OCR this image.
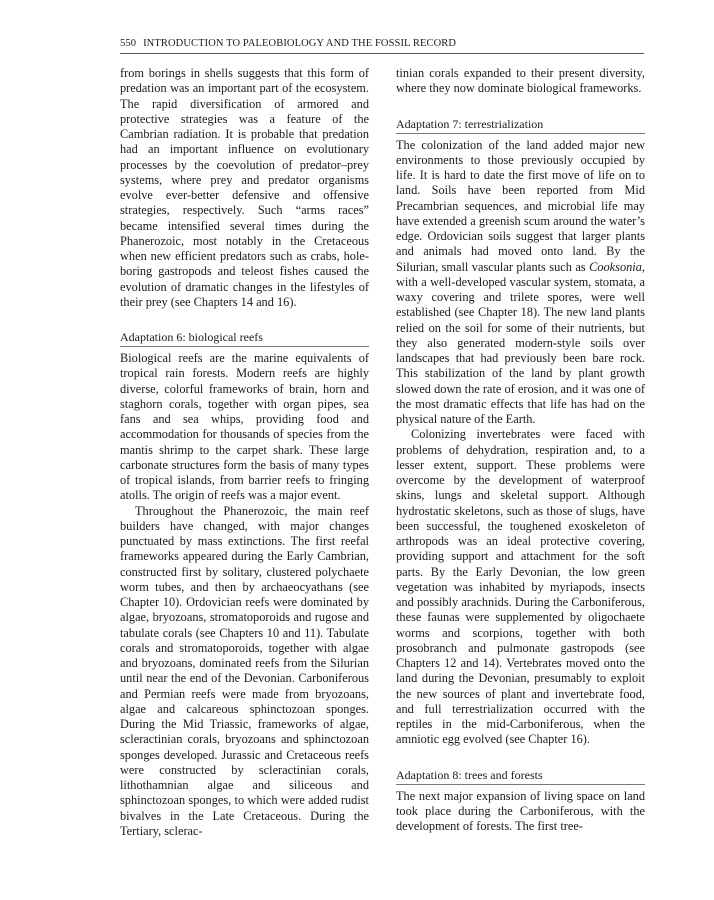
550 INTRODUCTION TO PALEOBIOLOGY AND THE FOSSIL RECORD

from borings in shells suggests that this form of predation was an important part of the ecosystem. The rapid diversification of armored and protective strategies was a feature of the Cambrian radiation. It is probable that predation had an important influence on evolutionary processes by the coevolution of predator–prey systems, where prey and predator organisms evolve ever-better defensive and offensive strategies, respectively. Such “arms races” became intensified several times during the Phanerozoic, most notably in the Cretaceous when new efficient predators such as crabs, hole-boring gastropods and teleost fishes caused the evolution of dramatic changes in the lifestyles of their prey (see Chapters 14 and 16).

Adaptation 6: biological reefs

Biological reefs are the marine equivalents of tropical rain forests. Modern reefs are highly diverse, colorful frameworks of brain, horn and staghorn corals, together with organ pipes, sea fans and sea whips, providing food and accommodation for thousands of species from the mantis shrimp to the carpet shark. These large carbonate structures form the basis of many types of tropical islands, from barrier reefs to fringing atolls. The origin of reefs was a major event.

Throughout the Phanerozoic, the main reef builders have changed, with major changes punctuated by mass extinctions. The first reefal frameworks appeared during the Early Cambrian, constructed first by solitary, clustered polychaete worm tubes, and then by archaeocyathans (see Chapter 10). Ordovician reefs were dominated by algae, bryozoans, stromatoporoids and rugose and tabulate corals (see Chapters 10 and 11). Tabulate corals and stromatoporoids, together with algae and bryozoans, dominated reefs from the Silurian until near the end of the Devonian. Carboniferous and Permian reefs were made from bryozoans, algae and calcareous sphinctozoan sponges. During the Mid Triassic, frameworks of algae, scleractinian corals, bryozoans and sphinctozoan sponges developed. Jurassic and Cretaceous reefs were constructed by scleractinian corals, lithothamnian algae and siliceous and sphinctozoan sponges, to which were added rudist bivalves in the Late Cretaceous. During the Tertiary, sclerac-

tinian corals expanded to their present diversity, where they now dominate biological frameworks.

Adaptation 7: terrestrialization

The colonization of the land added major new environments to those previously occupied by life. It is hard to date the first move of life on to land. Soils have been reported from Mid Precambrian sequences, and microbial life may have extended a greenish scum around the water’s edge. Ordovician soils suggest that larger plants and animals had moved onto land. By the Silurian, small vascular plants such as Cooksonia, with a well-developed vascular system, stomata, a waxy covering and trilete spores, were well established (see Chapter 18). The new land plants relied on the soil for some of their nutrients, but they also generated modern-style soils over landscapes that had previously been bare rock. This stabilization of the land by plant growth slowed down the rate of erosion, and it was one of the most dramatic effects that life has had on the physical nature of the Earth.

Colonizing invertebrates were faced with problems of dehydration, respiration and, to a lesser extent, support. These problems were overcome by the development of waterproof skins, lungs and skeletal support. Although hydrostatic skeletons, such as those of slugs, have been successful, the toughened exoskeleton of arthropods was an ideal protective covering, providing support and attachment for the soft parts. By the Early Devonian, the low green vegetation was inhabited by myriapods, insects and possibly arachnids. During the Carboniferous, these faunas were supplemented by oligochaete worms and scorpions, together with both prosobranch and pulmonate gastropods (see Chapters 12 and 14). Vertebrates moved onto the land during the Devonian, presumably to exploit the new sources of plant and invertebrate food, and full terrestrialization occurred with the reptiles in the mid-Carboniferous, when the amniotic egg evolved (see Chapter 16).

Adaptation 8: trees and forests

The next major expansion of living space on land took place during the Carboniferous, with the development of forests. The first tree-
